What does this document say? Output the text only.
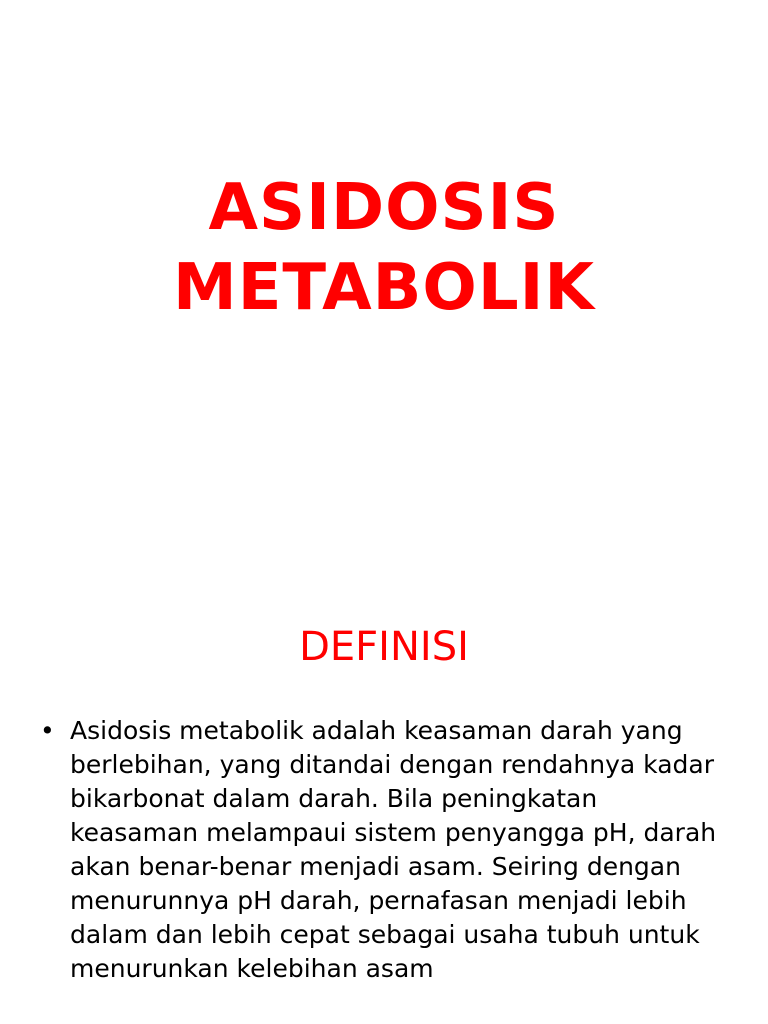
ASIDOSIS
METABOLIK
DEFINISI
• Asidosis metabolik adalah keasaman darah yang berlebihan, yang ditandai dengan rendahnya kadar bikarbonat dalam darah. Bila peningkatan keasaman melampaui sistem penyangga pH, darah akan benar-benar menjadi asam. Seiring dengan menurunnya pH darah, pernafasan menjadi lebih dalam dan lebih cepat sebagai usaha tubuh untuk menurunkan kelebihan asam
